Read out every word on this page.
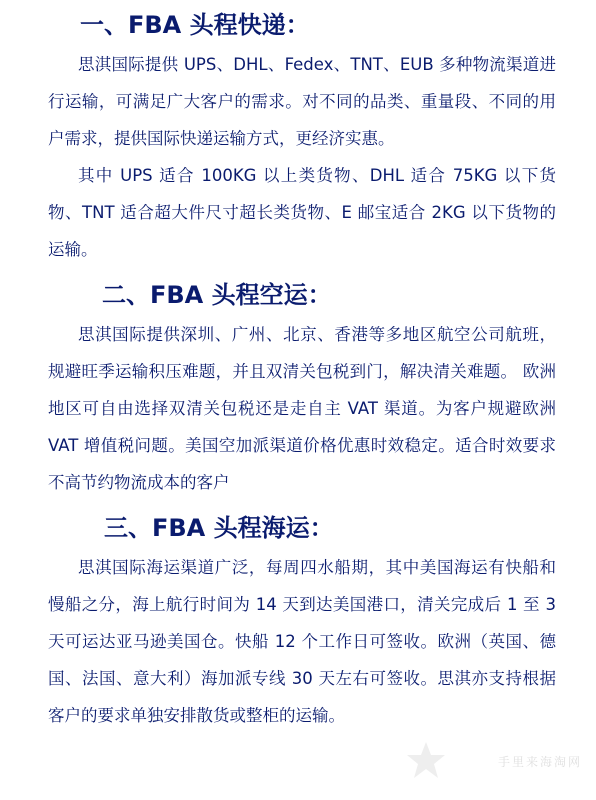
一、FBA 头程快递：

思淇国际提供 UPS、DHL、Fedex、TNT、EUB 多种物流渠道进行运输，可满足广大客户的需求。对不同的品类、重量段、不同的用户需求，提供国际快递运输方式，更经济实惠。

其中 UPS 适合 100KG 以上类货物、DHL 适合 75KG 以下货物、TNT 适合超大件尺寸超长类货物、E 邮宝适合 2KG 以下货物的运输。

二、FBA 头程空运：

思淇国际提供深圳、广州、北京、香港等多地区航空公司航班，规避旺季运输积压难题，并且双清关包税到门，解决清关难题。 欧洲地区可自由选择双清关包税还是走自主 VAT 渠道。为客户规避欧洲 VAT 增值税问题。美国空加派渠道价格优惠时效稳定。适合时效要求不高节约物流成本的客户

三、FBA 头程海运：

思淇国际海运渠道广泛，每周四水船期，其中美国海运有快船和慢船之分，海上航行时间为 14 天到达美国港口，清关完成后 1 至 3 天可运达亚马逊美国仓。快船 12 个工作日可签收。欧洲（英国、德国、法国、意大利）海加派专线 30 天左右可签收。思淇亦支持根据客户的要求单独安排散货或整柜的运输。

手里来海淘网
